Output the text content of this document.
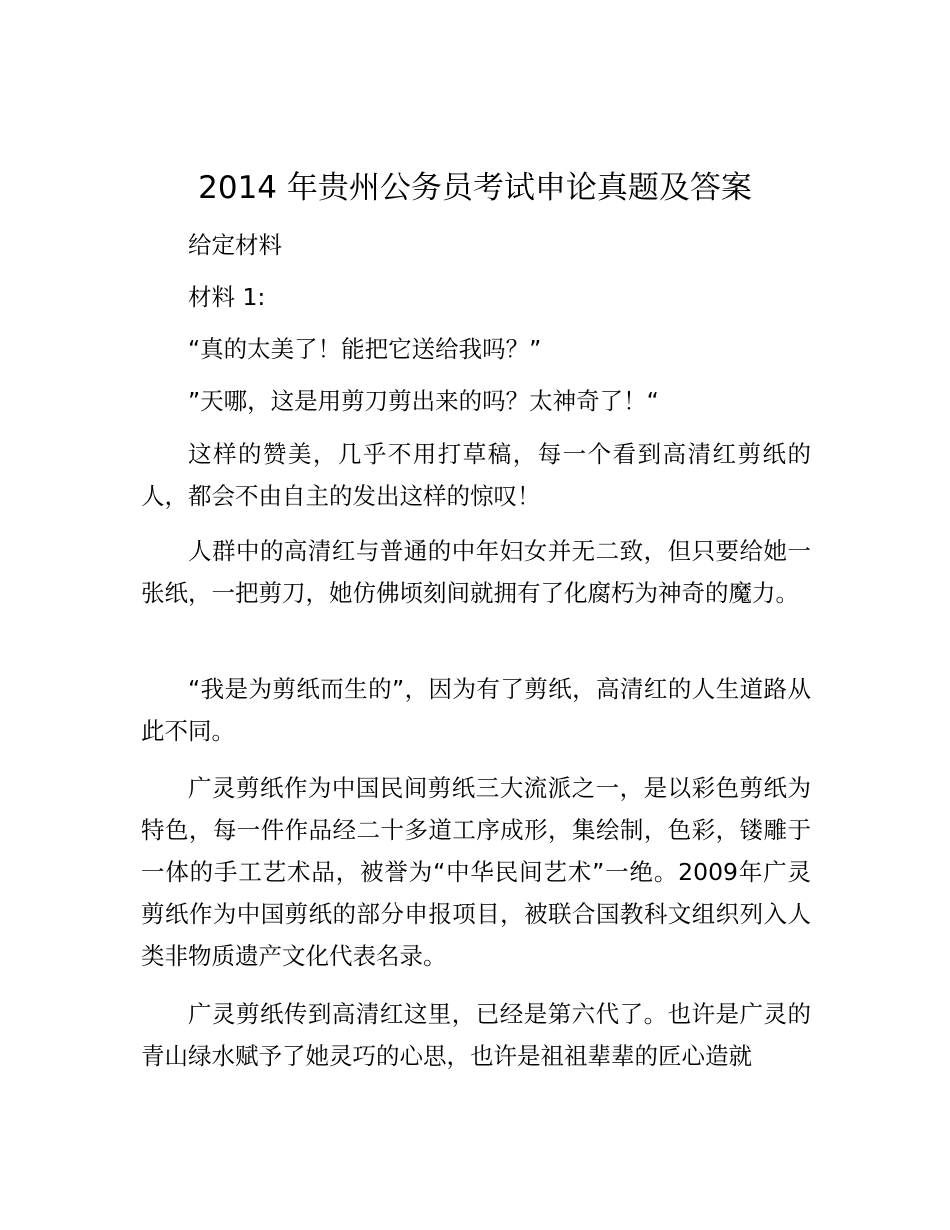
2014 年贵州公务员考试申论真题及答案

给定材料

材料 1:

“真的太美了！能把它送给我吗？”

”天哪，这是用剪刀剪出来的吗？太神奇了！“

这样的赞美，几乎不用打草稿，每一个看到高清红剪纸的人，都会不由自主的发出这样的惊叹！

人群中的高清红与普通的中年妇女并无二致，但只要给她一张纸，一把剪刀，她仿佛顷刻间就拥有了化腐朽为神奇的魔力。

“我是为剪纸而生的”，因为有了剪纸，高清红的人生道路从此不同。

广灵剪纸作为中国民间剪纸三大流派之一，是以彩色剪纸为特色，每一件作品经二十多道工序成形，集绘制，色彩，镂雕于一体的手工艺术品，被誉为“中华民间艺术”一绝。2009年广灵剪纸作为中国剪纸的部分申报项目，被联合国教科文组织列入人类非物质遗产文化代表名录。

广灵剪纸传到高清红这里，已经是第六代了。也许是广灵的青山绿水赋予了她灵巧的心思，也许是祖祖辈辈的匠心造就
